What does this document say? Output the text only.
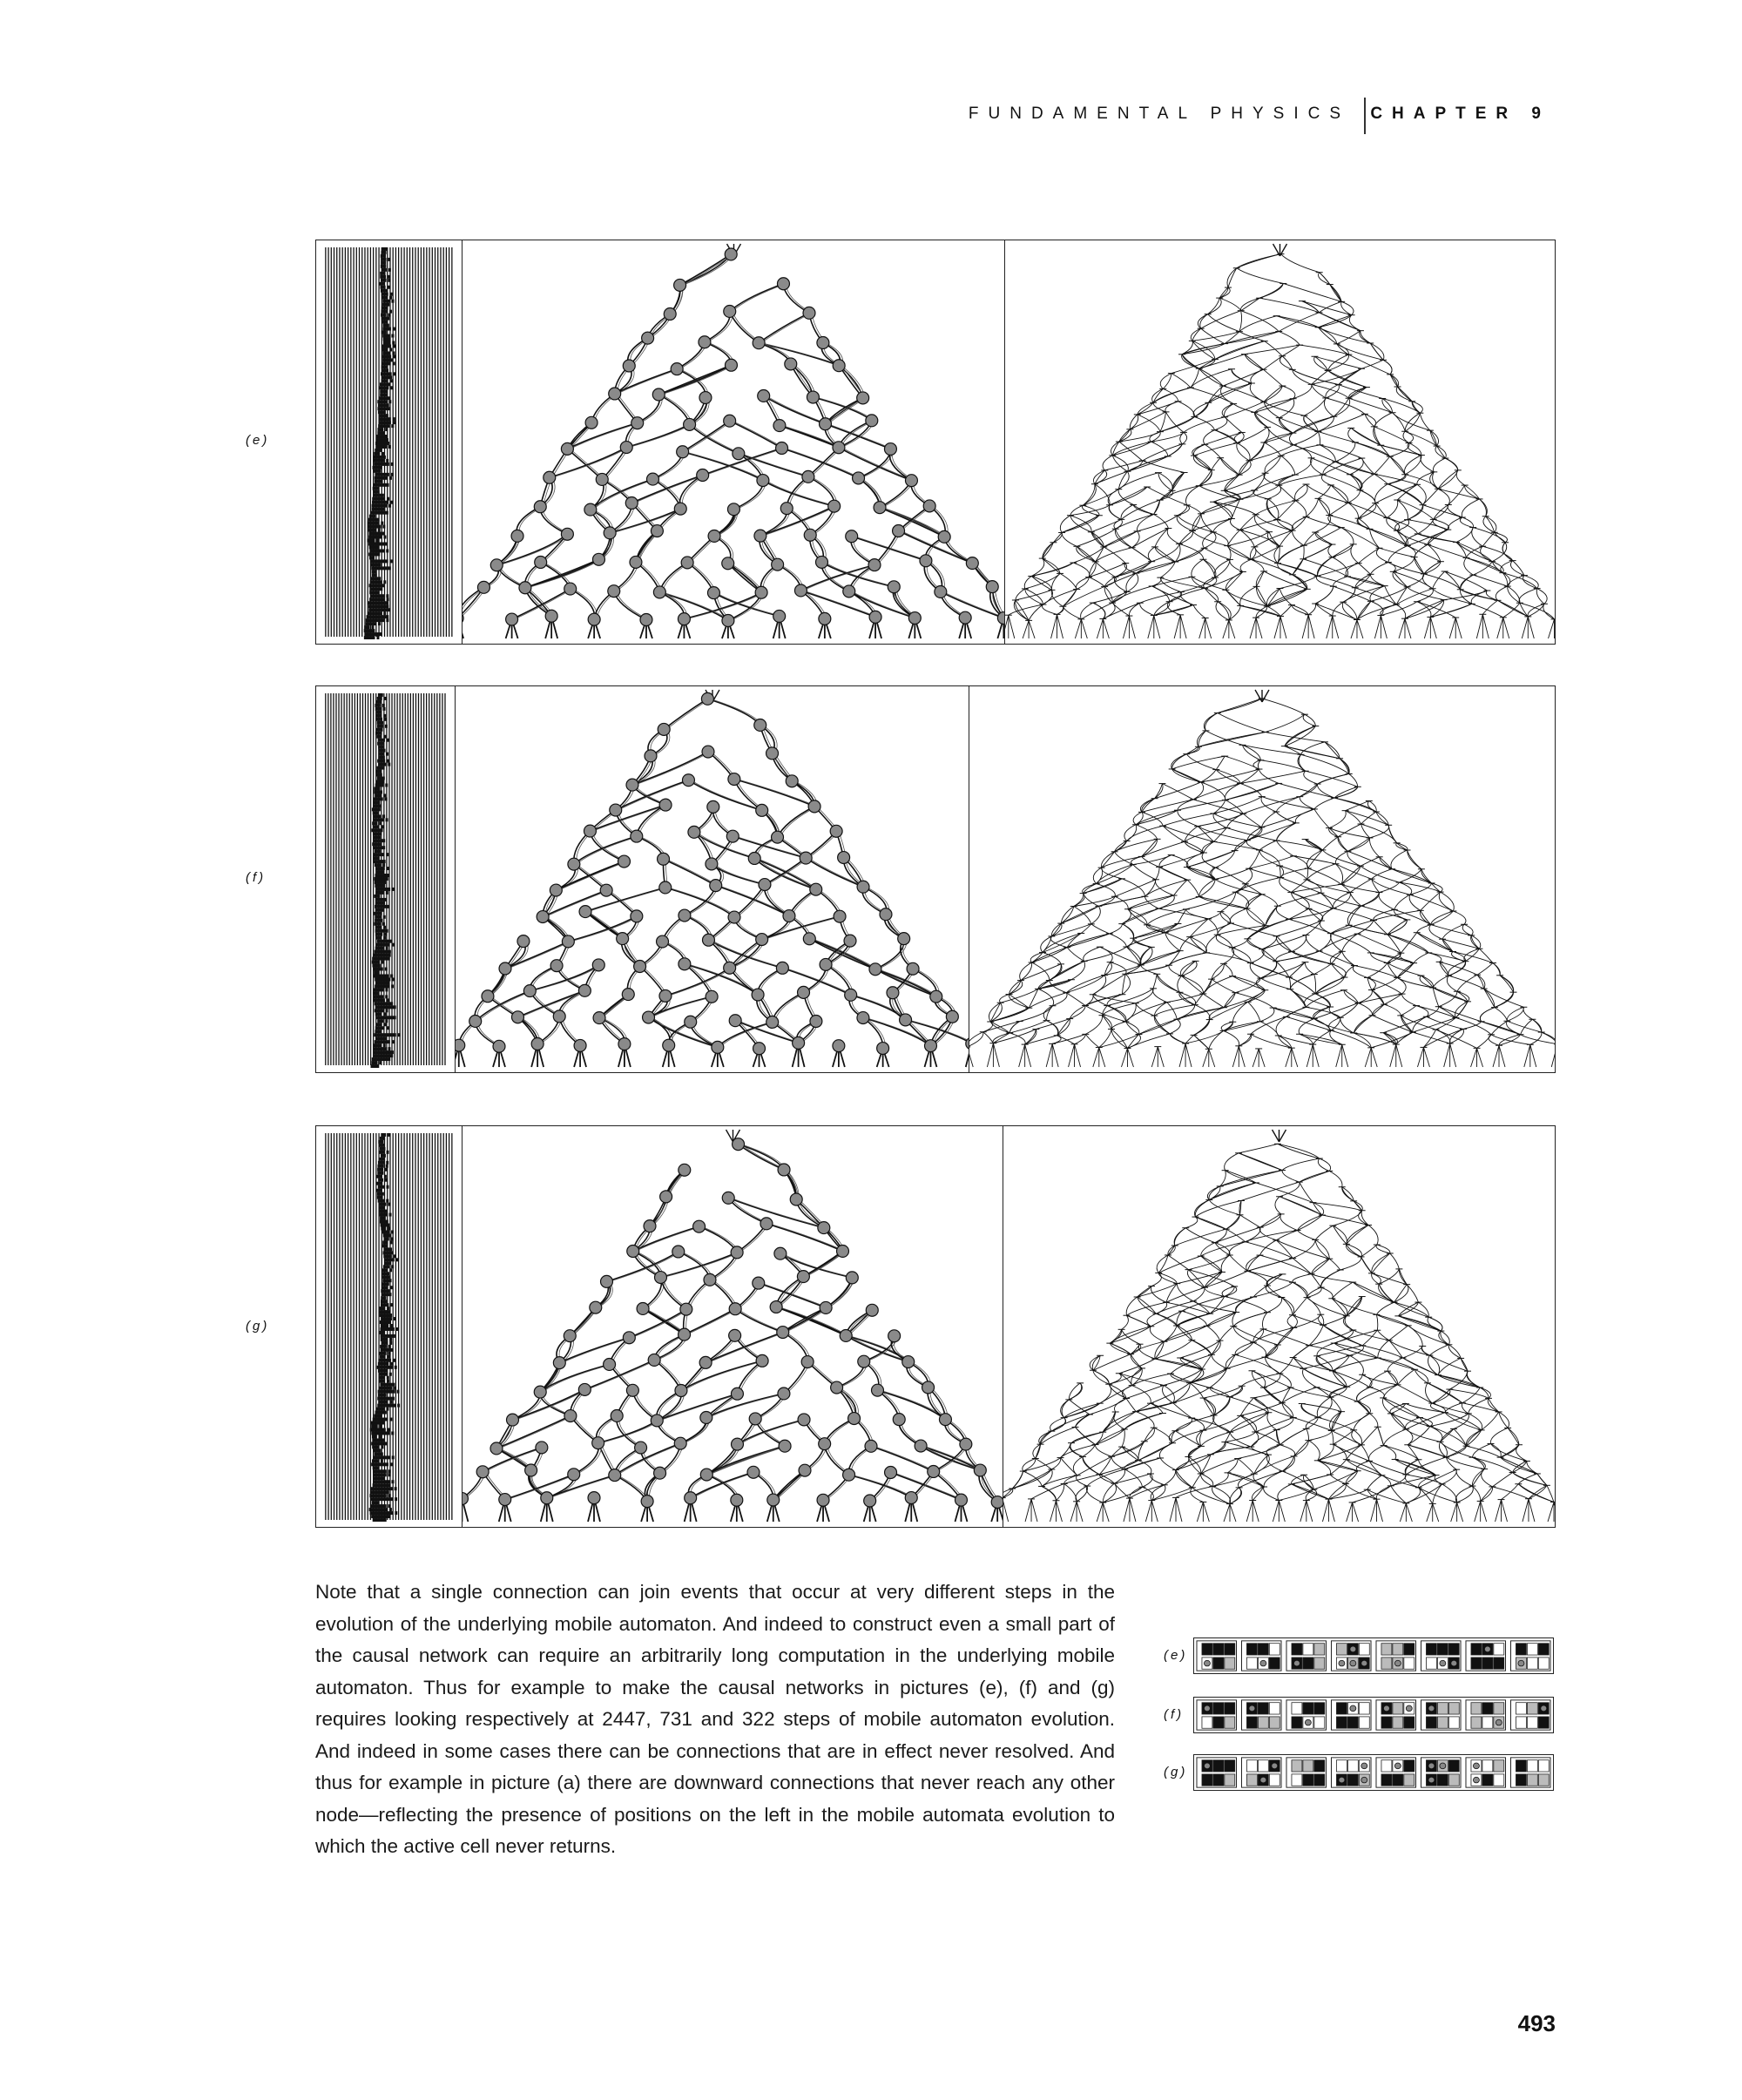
FUNDAMENTAL PHYSICS CHAPTER 9
(e)
(f)
(g)

Note that a single connection can join events that occur at very different steps in the evolution of the underlying mobile automaton. And indeed to construct even a small part of the causal network can require an arbitrarily long computation in the underlying mobile automaton. Thus for example to make the causal networks in pictures (e), (f) and (g) requires looking respectively at 2447, 731 and 322 steps of mobile automaton evolution. And indeed in some cases there can be connections that are in effect never resolved. And thus for example in picture (a) there are downward connections that never reach any other node—reflecting the presence of positions on the left in the mobile automata evolution to which the active cell never returns.

(e)
(f)
(g)
493
